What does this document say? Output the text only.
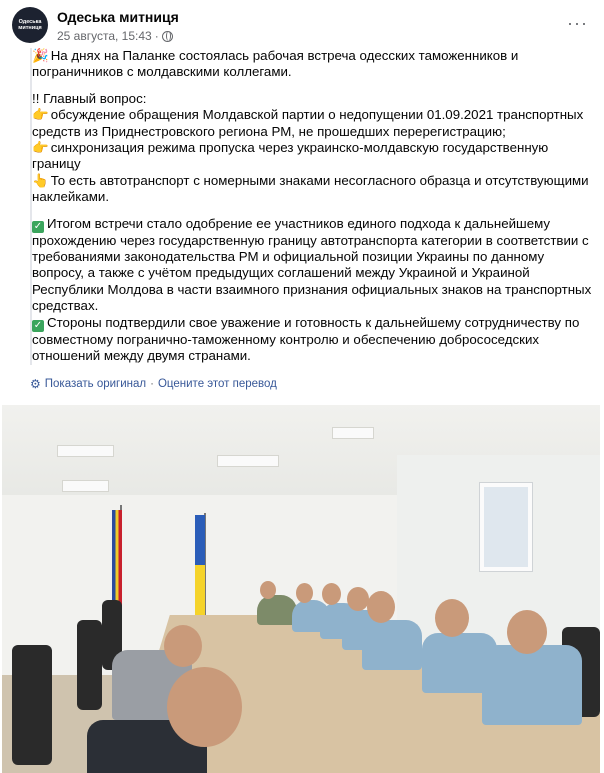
Одеська митниця
Одеська митниця
25 августа, 15:43 ·
···

🎉 На днях на Паланке состоялась рабочая встреча одесских таможенников и пограничников с молдавскими коллегами.

!! Главный вопрос:

👉 обсуждение обращения Молдавской партии о недопущении 01.09.2021 транспортных средств из Приднестровского региона РМ, не прошедших перерегистрацию;

👉 синхронизация режима пропуска через украинско-молдавскую государственную границу

👆 То есть автотранспорт с номерными знаками несогласного образца и отсутствующими наклейками.

✓ Итогом встречи стало одобрение ее участников единого подхода к дальнейшему прохождению через государственную границу автотранспорта категории в соответствии с требованиями законодательства РМ и официальной позиции Украины по данному вопросу, а также с учётом предыдущих соглашений между Украиной и Украиной Республики Молдова в части взаимного признания официальных знаков на транспортных средствах.

✓ Стороны подтвердили свое уважение и готовность к дальнейшему сотрудничеству по совместному погранично-таможенному контролю и обеспечению добрососедских отношений между двумя странами.

⚙ Показать оригинал · Оцените этот перевод
